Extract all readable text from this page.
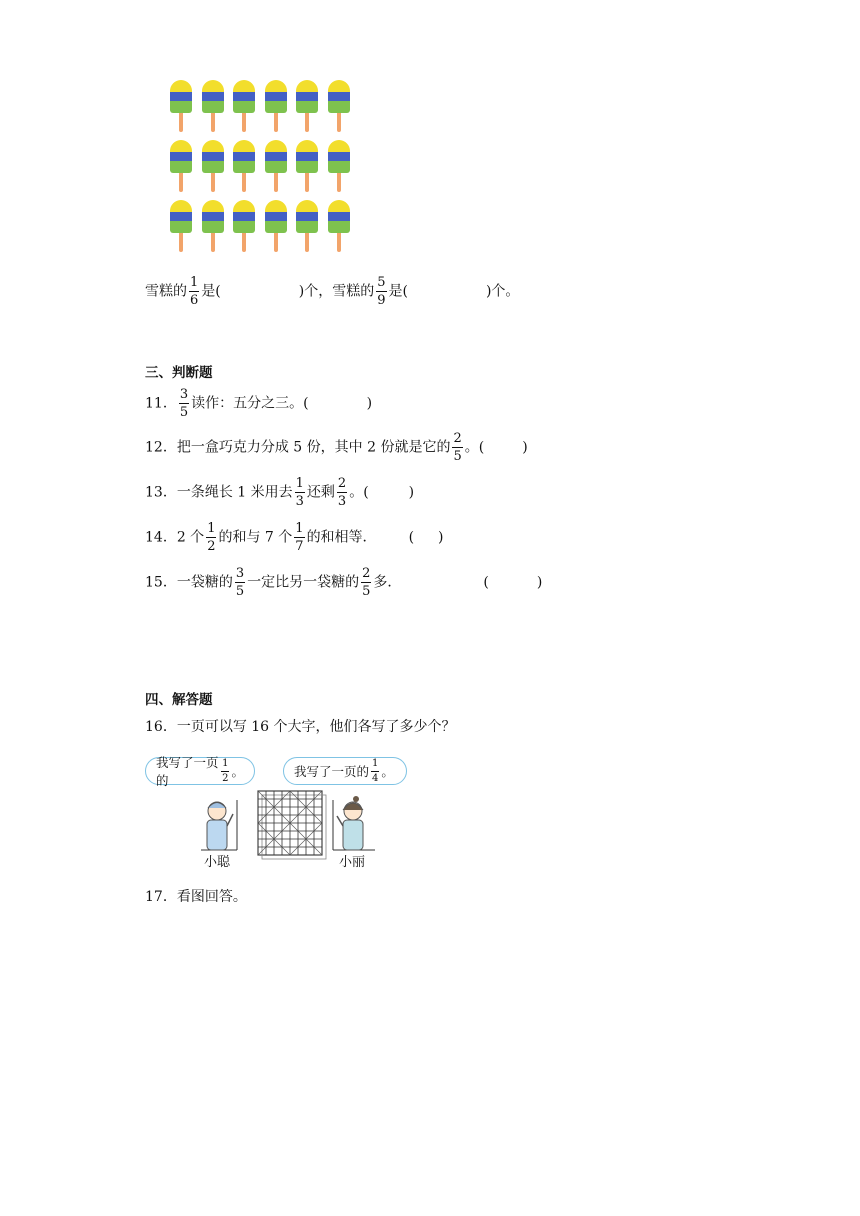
雪糕的 $\frac{1}{6}$ 是(	)个，雪糕的 $\frac{5}{9}$ 是(	)个。
三、判断题
11． $\frac{3}{5}$ 读作：五分之三。(	)
12．把一盒巧克力分成 5 份，其中 2 份就是它的 $\frac{2}{5}$ 。(	)
13．一条绳长 1 米用去 $\frac{1}{3}$ 还剩 $\frac{2}{3}$ 。(	)
14．2 个 $\frac{1}{2}$ 的和与 7 个 $\frac{1}{7}$ 的和相等． ( )
15．一袋糖的 $\frac{3}{5}$ 一定比另一袋糖的 $\frac{2}{5}$ 多．	(	)
四、解答题
16．一页可以写 16 个大字，他们各写了多少个？
我写了一页的	$\frac{1}{2}$ 。	我写了一页的 $\frac{1}{4}$ 。
小聪	小丽
17．看图回答。
